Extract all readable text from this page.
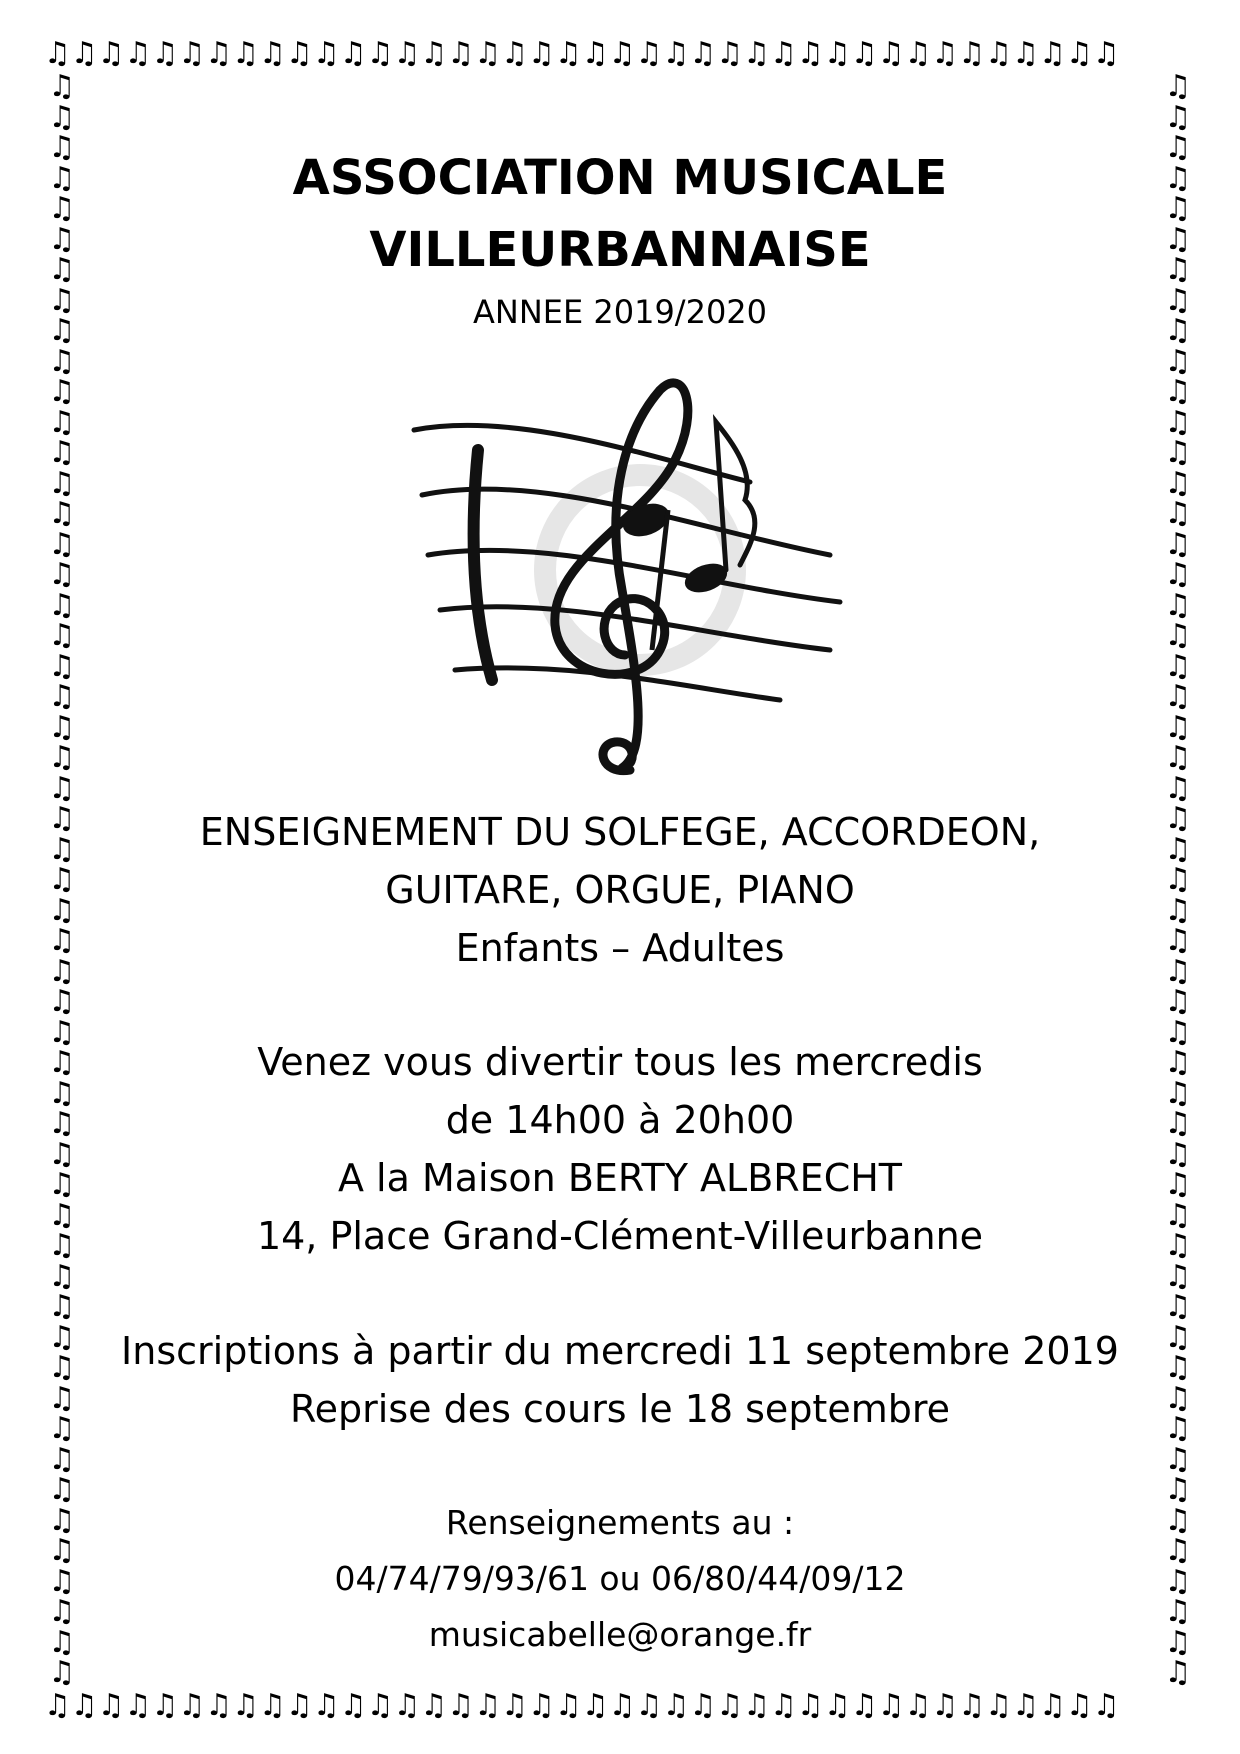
♫♫♫♫♫♫♫♫♫♫♫♫♫♫♫♫♫♫♫♫♫♫♫♫♫♫♫♫♫♫♫♫♫♫♫♫♫♫♫♫
♫♫♫♫♫♫♫♫♫♫♫♫♫♫♫♫♫♫♫♫♫♫♫♫♫♫♫♫♫♫♫♫♫♫♫♫♫♫♫♫
♫
♫
♫
♫
♫
♫
♫
♫
♫
♫
♫
♫
♫
♫
♫
♫
♫
♫
♫
♫
♫
♫
♫
♫
♫
♫
♫
♫
♫
♫
♫
♫
♫
♫
♫
♫
♫
♫
♫
♫
♫
♫
♫
♫
♫
♫
♫
♫
♫
♫
♫
♫
♫
♫
♫
♫
♫
♫
♫
♫
♫
♫
♫
♫
♫
♫
♫
♫
♫
♫
♫
♫
♫
♫
♫
♫
♫
♫
♫
♫
♫
♫
♫
♫
♫
♫
♫
♫
♫
♫
♫
♫
♫
♫
♫
♫
♫
♫
♫
♫
♫
♫
♫
♫
♫
♫
ASSOCIATION MUSICALE
VILLEURBANNAISE
ANNEE 2019/2020
ENSEIGNEMENT DU SOLFEGE, ACCORDEON,
GUITARE, ORGUE, PIANO
Enfants – Adultes
Venez vous divertir tous les mercredis
de 14h00 à 20h00
A la Maison BERTY ALBRECHT
14, Place Grand-Clément-Villeurbanne
Inscriptions à partir du mercredi 11 septembre 2019
Reprise des cours le 18 septembre
Renseignements au :
04/74/79/93/61 ou 06/80/44/09/12
musicabelle@orange.fr
